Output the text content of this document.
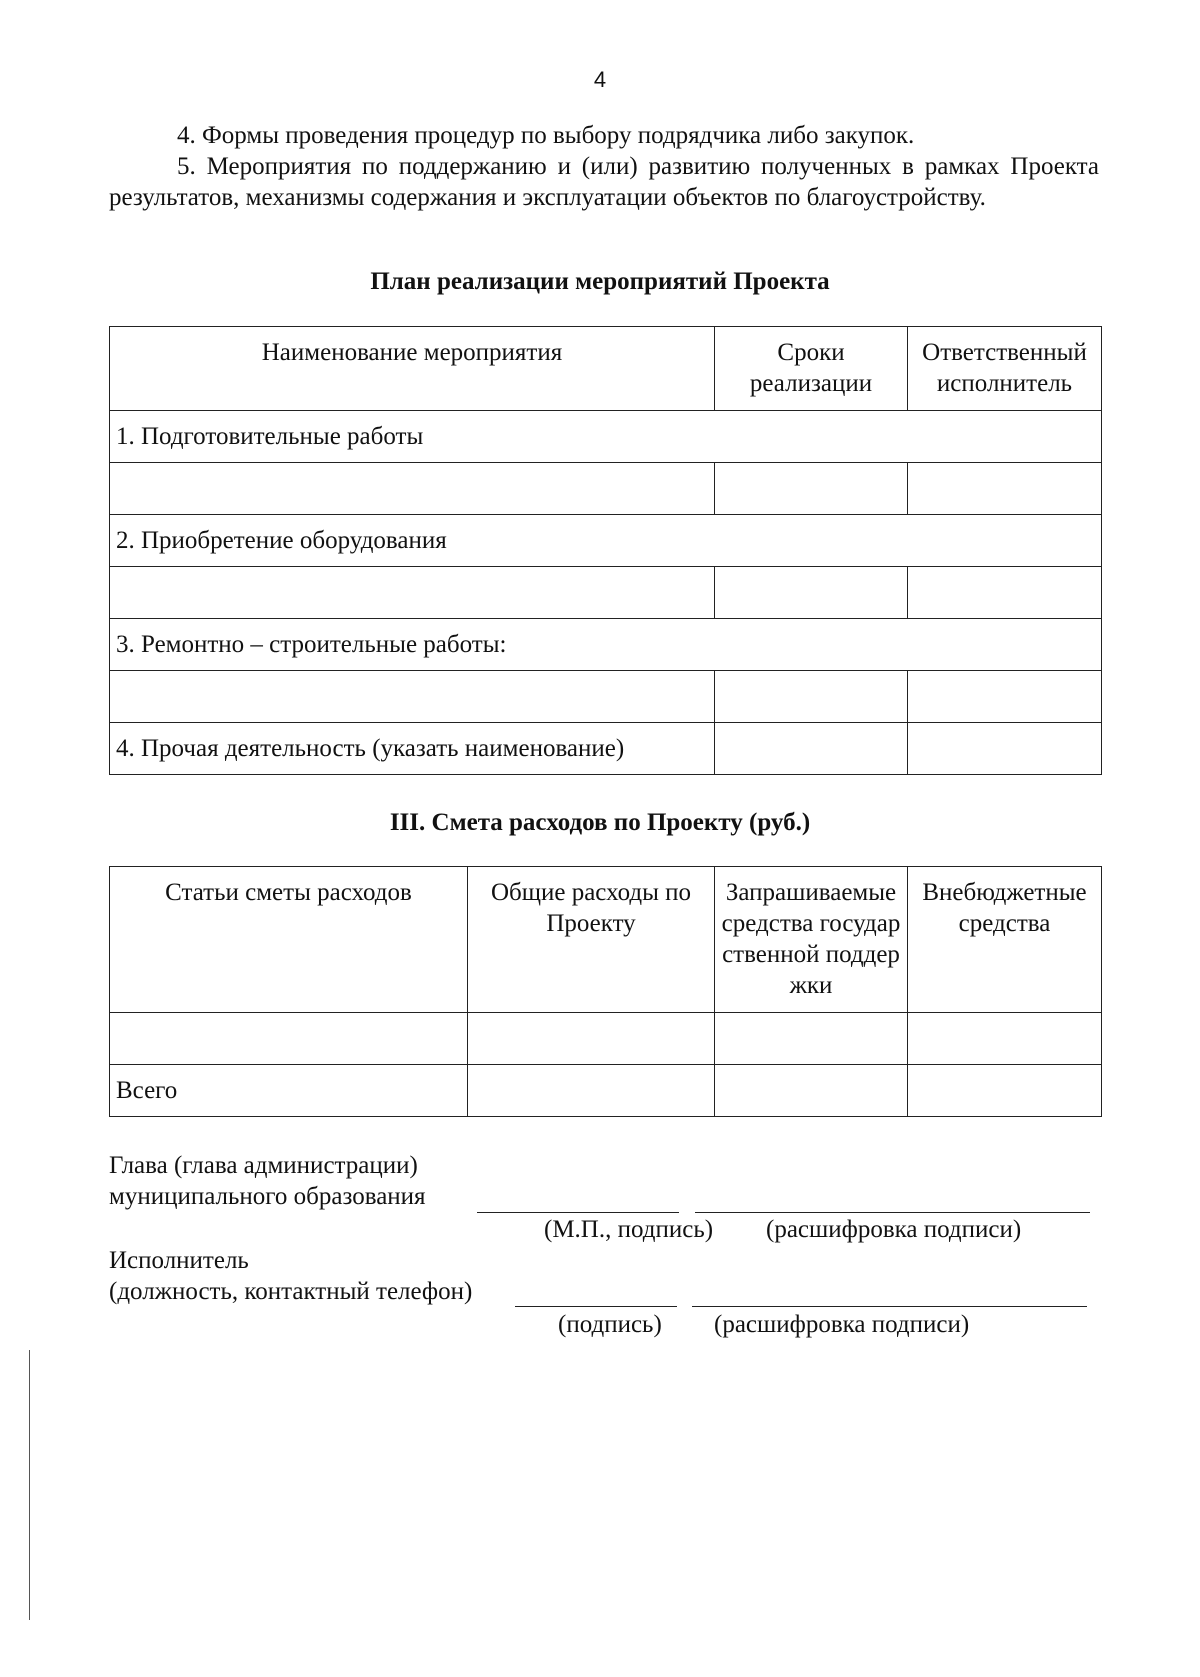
4

4. Формы проведения процедур по выбору подрядчика либо закупок.

5. Мероприятия по поддержанию и (или) развитию полученных в рамках Проекта результатов, механизмы содержания и эксплуатации объектов по благоустройству.

План реализации мероприятий Проекта
Наименование мероприятия	Сроки реализации	Ответственный исполнитель
1. Подготовительные работы		

2. Приобретение оборудования		

3. Ремонтно – строительные работы:		

4. Прочая деятельность (указать наименование)		
III. Смета расходов по Проекту (руб.)
Статьи сметы расходов	Общие расходы по Проекту	Запрашиваемые средства государственной поддержки	Внебюджетные средства

Всего			
Глава (глава администрации)
муниципального образования
(М.П., подпись) (расшифровка подписи)
Исполнитель
(должность, контактный телефон)
(подпись) (расшифровка подписи)
